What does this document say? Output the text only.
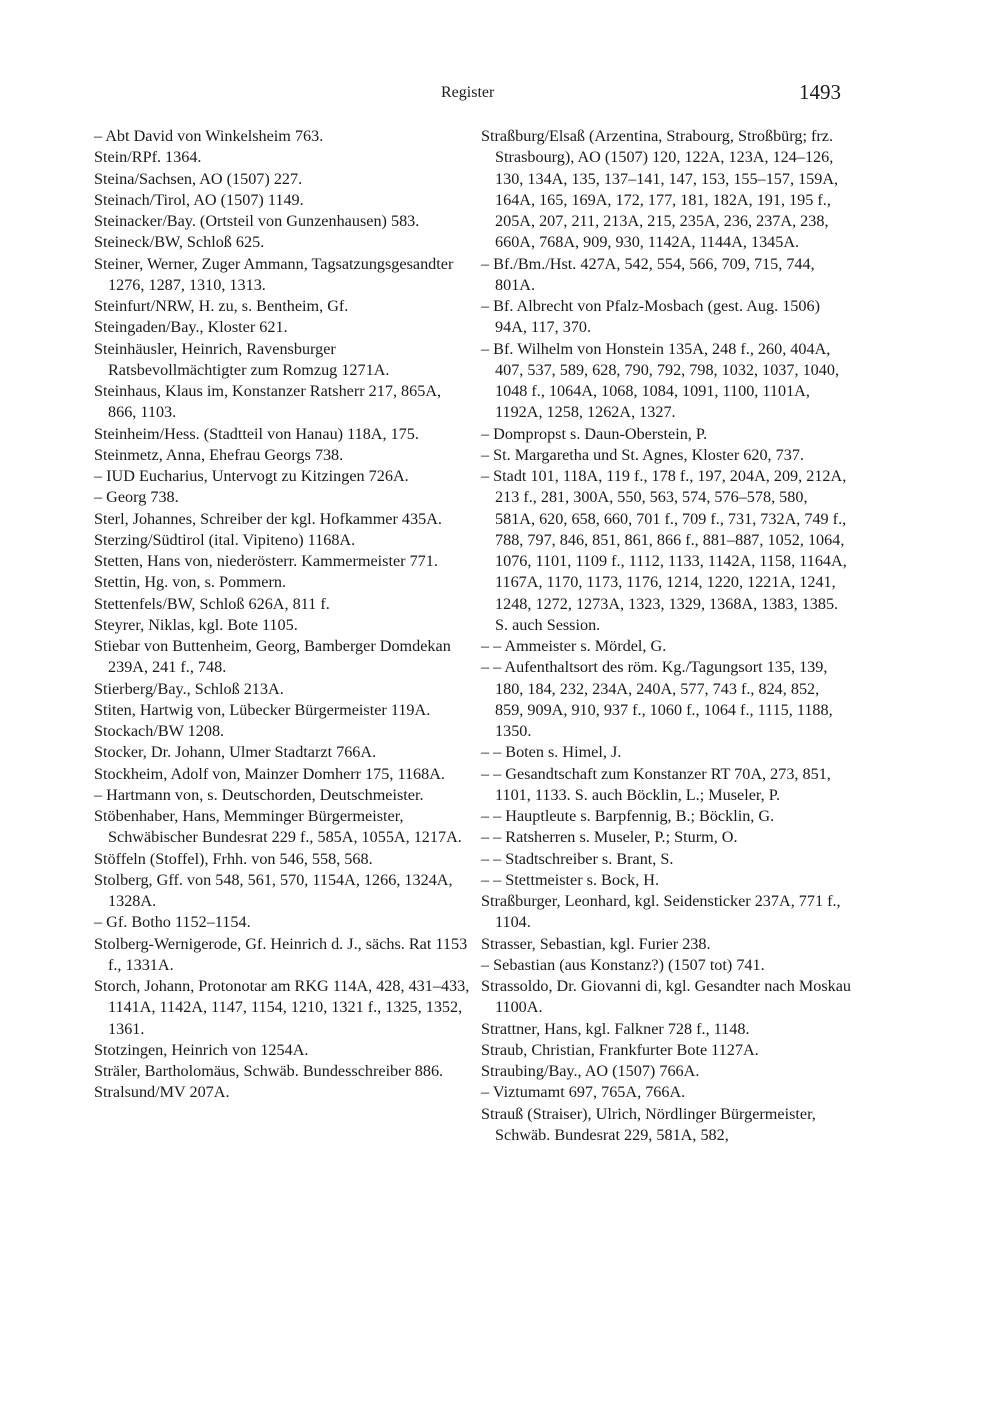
Register	1493
– Abt David von Winkelsheim 763.
Stein/RPf. 1364.
Steina/Sachsen, AO (1507) 227.
Steinach/Tirol, AO (1507) 1149.
Steinacker/Bay. (Ortsteil von Gunzenhausen) 583.
Steineck/BW, Schloß 625.
Steiner, Werner, Zuger Ammann, Tagsatzungsgesandter 1276, 1287, 1310, 1313.
Steinfurt/NRW, H. zu, s. Bentheim, Gf.
Steingaden/Bay., Kloster 621.
Steinhäusler, Heinrich, Ravensburger Ratsbevollmächtigter zum Romzug 1271A.
Steinhaus, Klaus im, Konstanzer Ratsherr 217, 865A, 866, 1103.
Steinheim/Hess. (Stadtteil von Hanau) 118A, 175.
Steinmetz, Anna, Ehefrau Georgs 738.
– IUD Eucharius, Untervogt zu Kitzingen 726A.
– Georg 738.
Sterl, Johannes, Schreiber der kgl. Hofkammer 435A.
Sterzing/Südtirol (ital. Vipiteno) 1168A.
Stetten, Hans von, niederösterr. Kammermeister 771.
Stettin, Hg. von, s. Pommern.
Stettenfels/BW, Schloß 626A, 811 f.
Steyrer, Niklas, kgl. Bote 1105.
Stiebar von Buttenheim, Georg, Bamberger Domdekan 239A, 241 f., 748.
Stierberg/Bay., Schloß 213A.
Stiten, Hartwig von, Lübecker Bürgermeister 119A.
Stockach/BW 1208.
Stocker, Dr. Johann, Ulmer Stadtarzt 766A.
Stockheim, Adolf von, Mainzer Domherr 175, 1168A.
– Hartmann von, s. Deutschorden, Deutschmeister.
Stöbenhaber, Hans, Memminger Bürgermeister, Schwäbischer Bundesrat 229 f., 585A, 1055A, 1217A.
Stöffeln (Stoffel), Frhh. von 546, 558, 568.
Stolberg, Gff. von 548, 561, 570, 1154A, 1266, 1324A, 1328A.
– Gf. Botho 1152–1154.
Stolberg-Wernigerode, Gf. Heinrich d. J., sächs. Rat 1153 f., 1331A.
Storch, Johann, Protonotar am RKG 114A, 428, 431–433, 1141A, 1142A, 1147, 1154, 1210, 1321 f., 1325, 1352, 1361.
Stotzingen, Heinrich von 1254A.
Sträler, Bartholomäus, Schwäb. Bundesschreiber 886.
Stralsund/MV 207A.
Straßburg/Elsaß (Arzentina, Strabourg, Stroßbürg; frz. Strasbourg), AO (1507) 120, 122A, 123A, 124–126, 130, 134A, 135, 137–141, 147, 153, 155–157, 159A, 164A, 165, 169A, 172, 177, 181, 182A, 191, 195 f., 205A, 207, 211, 213A, 215, 235A, 236, 237A, 238, 660A, 768A, 909, 930, 1142A, 1144A, 1345A.
– Bf./Bm./Hst. 427A, 542, 554, 566, 709, 715, 744, 801A.
– Bf. Albrecht von Pfalz-Mosbach (gest. Aug. 1506) 94A, 117, 370.
– Bf. Wilhelm von Honstein 135A, 248 f., 260, 404A, 407, 537, 589, 628, 790, 792, 798, 1032, 1037, 1040, 1048 f., 1064A, 1068, 1084, 1091, 1100, 1101A, 1192A, 1258, 1262A, 1327.
– Dompropst s. Daun-Oberstein, P.
– St. Margaretha und St. Agnes, Kloster 620, 737.
– Stadt 101, 118A, 119 f., 178 f., 197, 204A, 209, 212A, 213 f., 281, 300A, 550, 563, 574, 576–578, 580, 581A, 620, 658, 660, 701 f., 709 f., 731, 732A, 749 f., 788, 797, 846, 851, 861, 866 f., 881–887, 1052, 1064, 1076, 1101, 1109 f., 1112, 1133, 1142A, 1158, 1164A, 1167A, 1170, 1173, 1176, 1214, 1220, 1221A, 1241, 1248, 1272, 1273A, 1323, 1329, 1368A, 1383, 1385. S. auch Session.
– – Ammeister s. Mördel, G.
– – Aufenthaltsort des röm. Kg./Tagungsort 135, 139, 180, 184, 232, 234A, 240A, 577, 743 f., 824, 852, 859, 909A, 910, 937 f., 1060 f., 1064 f., 1115, 1188, 1350.
– – Boten s. Himel, J.
– – Gesandtschaft zum Konstanzer RT 70A, 273, 851, 1101, 1133. S. auch Böcklin, L.; Museler, P.
– – Hauptleute s. Barpfennig, B.; Böcklin, G.
– – Ratsherren s. Museler, P.; Sturm, O.
– – Stadtschreiber s. Brant, S.
– – Stettmeister s. Bock, H.
Straßburger, Leonhard, kgl. Seidensticker 237A, 771 f., 1104.
Strasser, Sebastian, kgl. Furier 238.
– Sebastian (aus Konstanz?) (1507 tot) 741.
Strassoldo, Dr. Giovanni di, kgl. Gesandter nach Moskau 1100A.
Strattner, Hans, kgl. Falkner 728 f., 1148.
Straub, Christian, Frankfurter Bote 1127A.
Straubing/Bay., AO (1507) 766A.
– Viztumamt 697, 765A, 766A.
Strauß (Straiser), Ulrich, Nördlinger Bürgermeister, Schwäb. Bundesrat 229, 581A, 582,
